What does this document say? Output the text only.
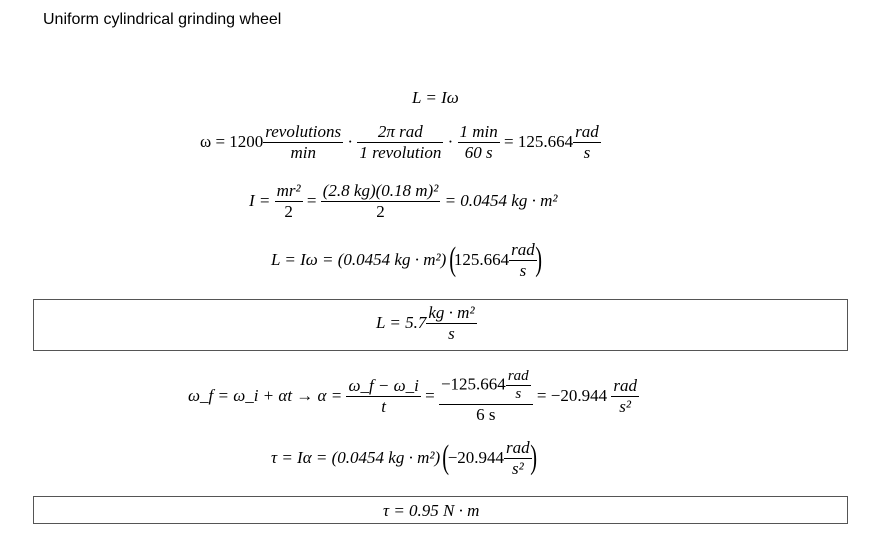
Uniform cylindrical grinding wheel
L = Iω
$\omega = 1200 \frac{\text{revolutions}}{\min} \cdot \frac{\text{2π rad}}{\text{1 revolution}} \cdot \frac{1 \min}{60 s} = 125.664 \frac{\text{rad}}{s}$
$I = \frac{\text{mr²}}{2} = \frac{\text{(2.8 kg)(0.18 m)²}}{2} = 0.0454$ kg · m²
L = Iω = (0.0454 kg · m²) ($125.664 \frac{\text{rad}}{s}$
)
$L = 5.7 \frac{\text{kg · m²}}{s}$
ω_f = ω_i + $\alpha t \to \alpha = \frac{\omega\_f - \omega\_i}{t} = \frac{-125.664 \frac{\text{rad}}{s}}{6 s} = -20.944 \frac{\text{rad}}{\text{s²}}$
τ = Iα = (0.0454 kg · m²) ($-20.944 \frac{\text{rad}}{\text{s²}}$
)
τ = 0.95 N · m
